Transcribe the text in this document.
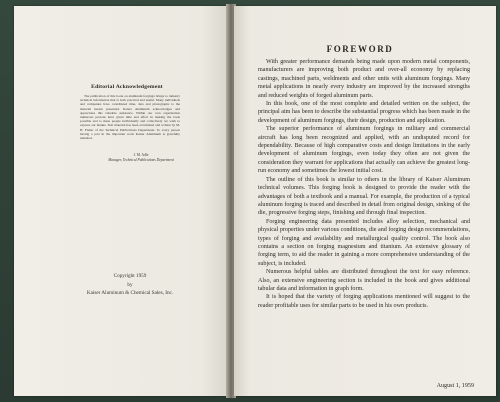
Editorial Acknowledgement

The publication of this book on aluminum forgings brings to industry technical information that is both practical and useful. Many individuals and companies have contributed time, data and photographs to the material herein presented. Kaiser Aluminum acknowledges and appreciates this valuable assistance. Within our own organization numerous persons have given time and effort in making the book possible and to these people individually and collectively we wish to express our thanks. Text material has been scrutinized and written by M. H. Fisher of the Technical Publications Department. To every person having a part in the important work Kaiser Aluminum is gratefully indebted.

J. M. Adle
Manager, Technical Publications Department
Copyright 1959
by
Kaiser Aluminum & Chemical Sales, Inc.
FOREWORD

With greater performance demands being made upon modern metal components, manufacturers are improving both product and over-all economy by replacing castings, machined parts, weldments and other units with aluminum forgings. Many metal applications in nearly every industry are improved by the increased strengths and reduced weights of forged aluminum parts.

In this book, one of the most complete and detailed written on the subject, the principal aim has been to describe the substantial progress which has been made in the development of aluminum forgings, their design, production and application.

The superior performance of aluminum forgings in military and commercial aircraft has long been recognized and applied, with an undisputed record for dependability. Because of high comparative costs and design limitations in the early development of aluminum forgings, even today they often are not given the consideration they warrant for applications that actually can achieve the greatest long-run economy and sometimes the lowest initial cost.

The outline of this book is similar to others in the library of Kaiser Aluminum technical volumes. This forging book is designed to provide the reader with the advantages of both a textbook and a manual. For example, the production of a typical aluminum forging is traced and described in detail from original design, sinking of the die, progressive forging steps, finishing and through final inspection.

Forging engineering data presented includes alloy selection, mechanical and physical properties under various conditions, die and forging design recommendations, types of forging and availability and metallurgical quality control. The book also contains a section on forging magnesium and titanium. An extensive glossary of forging term, to aid the reader in gaining a more comprehensive understanding of the subject, is included.

Numerous helpful tables are distributed throughout the text for easy reference. Also, an extensive engineering section is included in the book and gives additional tabular data and information in graph form.

It is hoped that the variety of forging applications mentioned will suggest to the reader profitable uses for similar parts to be used in his own products.

August 1, 1959
